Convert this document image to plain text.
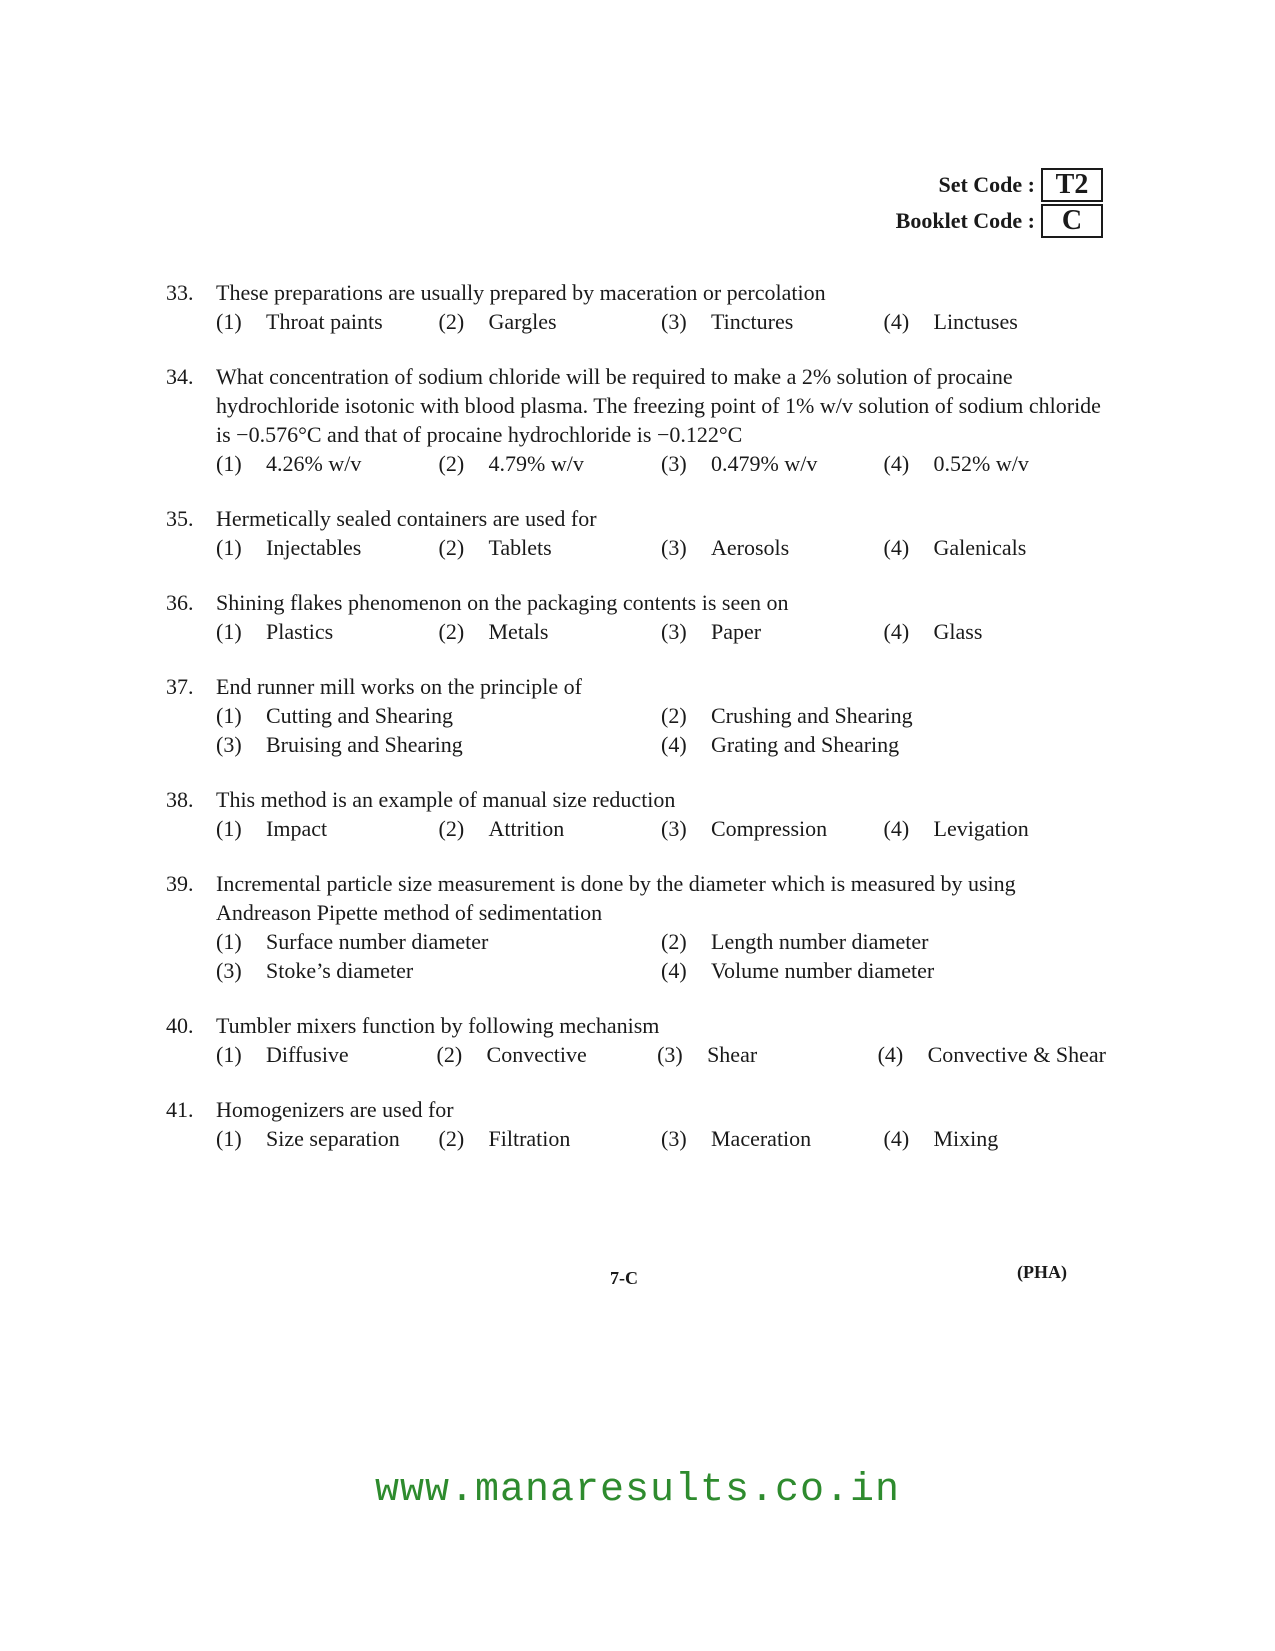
Set Code : T2
Booklet Code : C
33.	These preparations are usually prepared by maceration or percolation
(1)	Throat paints	(2)	Gargles	(3)	Tinctures	(4)	Linctuses
34.	What concentration of sodium chloride will be required to make a 2% solution of procaine hydrochloride isotonic with blood plasma. The freezing point of 1% w/v solution of sodium chloride is −0.576°C and that of procaine hydrochloride is −0.122°C
(1)	4.26% w/v	(2)	4.79% w/v	(3)	0.479% w/v	(4)	0.52% w/v
35.	Hermetically sealed containers are used for
(1)	Injectables	(2)	Tablets	(3)	Aerosols	(4)	Galenicals
36.	Shining flakes phenomenon on the packaging contents is seen on
(1)	Plastics	(2)	Metals	(3)	Paper	(4)	Glass
37.	End runner mill works on the principle of
(1)	Cutting and Shearing	(2)	Crushing and Shearing
(3)	Bruising and Shearing	(4)	Grating and Shearing
38.	This method is an example of manual size reduction
(1)	Impact	(2)	Attrition	(3)	Compression	(4)	Levigation
39.	Incremental particle size measurement is done by the diameter which is measured by using Andreason Pipette method of sedimentation
(1)	Surface number diameter	(2)	Length number diameter
(3)	Stoke’s diameter	(4)	Volume number diameter
40.	Tumbler mixers function by following mechanism
(1)	Diffusive	(2)	Convective	(3)	Shear	(4)	Convective & Shear
41.	Homogenizers are used for
(1)	Size separation (2)	Filtration	(3)	Maceration	(4)	Mixing
7-C	(PHA)
www.manaresults.co.in
